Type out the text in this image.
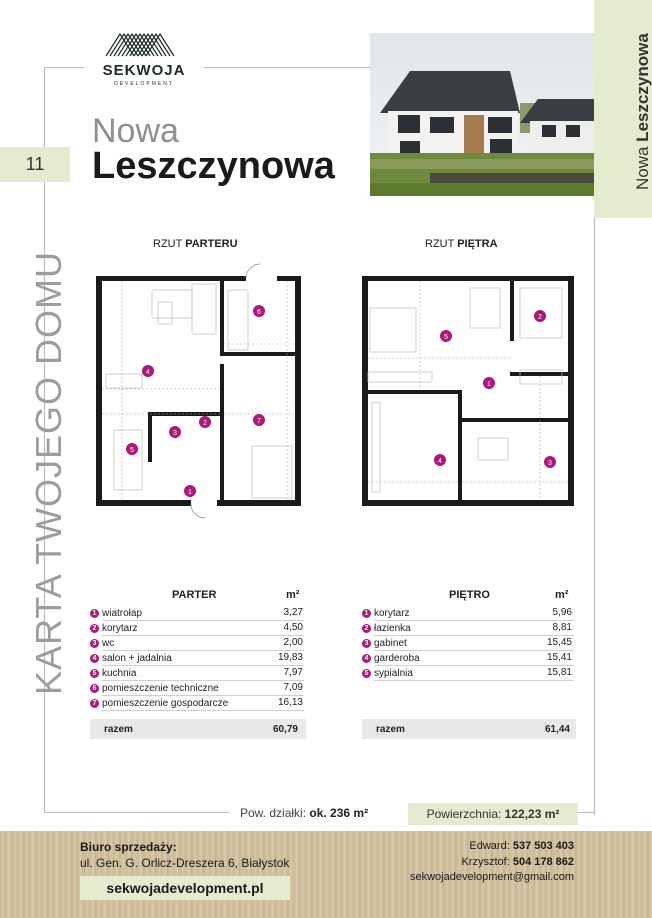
SEKWOJA
DEVELOPMENT
Nowa
Leszczynowa
11
KARTA TWOJEGO DOMU
Nowa Leszczynowa
RZUT PARTERU	RZUT PIĘTRA
1
2
3
4
5
6
7
1
2
3
4
5
PARTER	m²
1 wiatrołap	3,27
2 korytarz	4,50
3 wc	2,00
4 salon + jadalnia	19,83
5 kuchnia	7,97
6 pomieszczenie techniczne	7,09
7 pomieszczenie gospodarcze	16,13
razem	60,79
PIĘTRO	m²
1 korytarz	5,96
2 łazienka	8,81
3 gabinet	15,45
4 garderoba	15,41
5 sypialnia	15,81
razem	61,44
Pow. działki: ok. 236 m²	Powierzchnia:
122,23 m²
Biuro sprzedaży:
ul. Gen. G. Orlicz-Dreszera 6, Białystok
sekwojadevelopment.pl
Edward: 537 503 403
Krzysztof: 504 178 862
sekwojadevelopment@gmail.com
